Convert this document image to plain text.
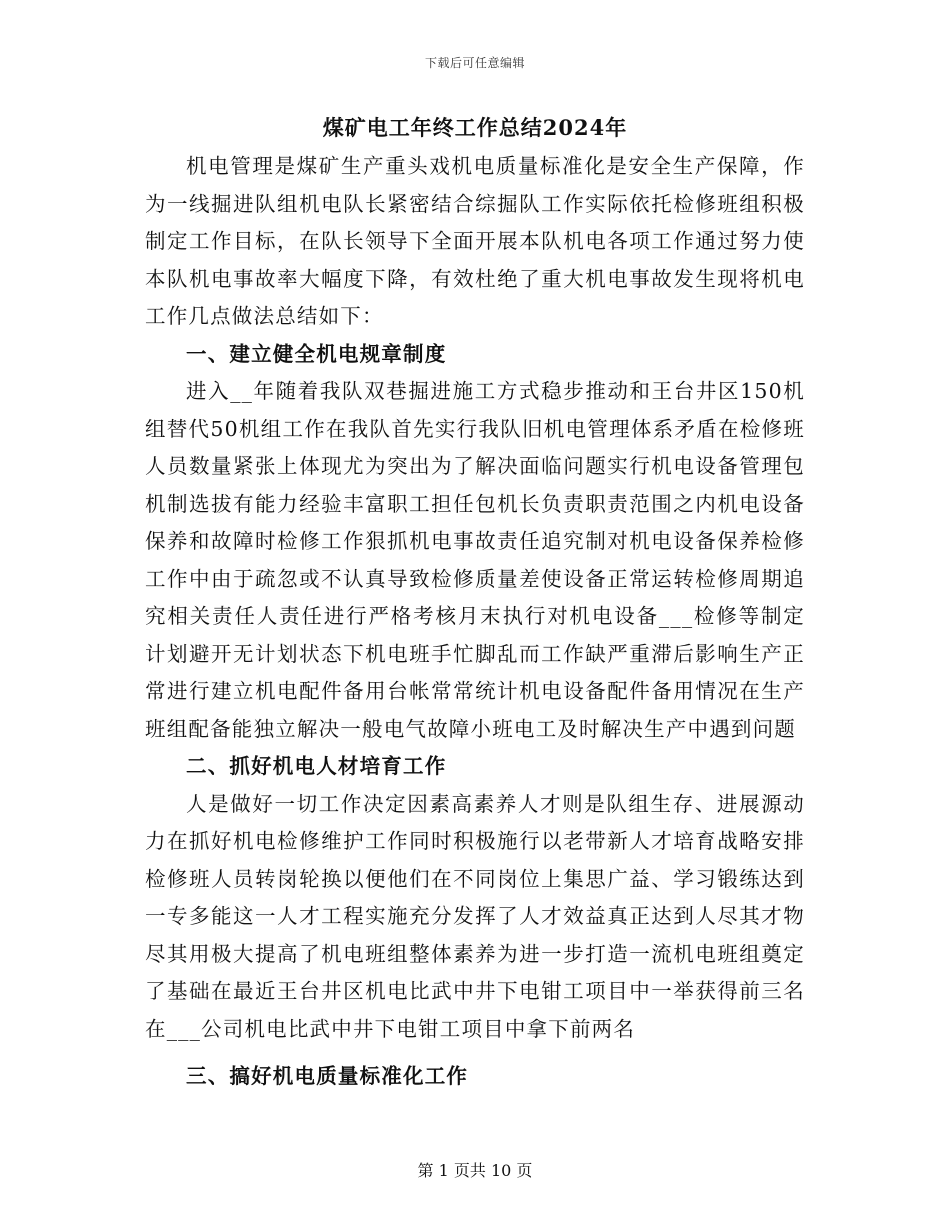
下载后可任意编辑
煤矿电工年终工作总结2024年

机电管理是煤矿生产重头戏机电质量标准化是安全生产保障，作为一线掘进队组机电队长紧密结合综掘队工作实际依托检修班组积极制定工作目标，在队长领导下全面开展本队机电各项工作通过努力使本队机电事故率大幅度下降，有效杜绝了重大机电事故发生现将机电工作几点做法总结如下：

一、建立健全机电规章制度

进入__年随着我队双巷掘进施工方式稳步推动和王台井区150机组替代50机组工作在我队首先实行我队旧机电管理体系矛盾在检修班人员数量紧张上体现尤为突出为了解决面临问题实行机电设备管理包机制选拔有能力经验丰富职工担任包机长负责职责范围之内机电设备保养和故障时检修工作狠抓机电事故责任追究制对机电设备保养检修工作中由于疏忽或不认真导致检修质量差使设备正常运转检修周期追究相关责任人责任进行严格考核月末执行对机电设备___检修等制定计划避开无计划状态下机电班手忙脚乱而工作缺严重滞后影响生产正常进行建立机电配件备用台帐常常统计机电设备配件备用情况在生产班组配备能独立解决一般电气故障小班电工及时解决生产中遇到问题

二、抓好机电人材培育工作

人是做好一切工作决定因素高素养人才则是队组生存、进展源动力在抓好机电检修维护工作同时积极施行以老带新人才培育战略安排检修班人员转岗轮换以便他们在不同岗位上集思广益、学习锻练达到一专多能这一人才工程实施充分发挥了人才效益真正达到人尽其才物尽其用极大提高了机电班组整体素养为进一步打造一流机电班组奠定了基础在最近王台井区机电比武中井下电钳工项目中一举获得前三名在___公司机电比武中井下电钳工项目中拿下前两名

三、搞好机电质量标准化工作

第 1 页共 10 页
